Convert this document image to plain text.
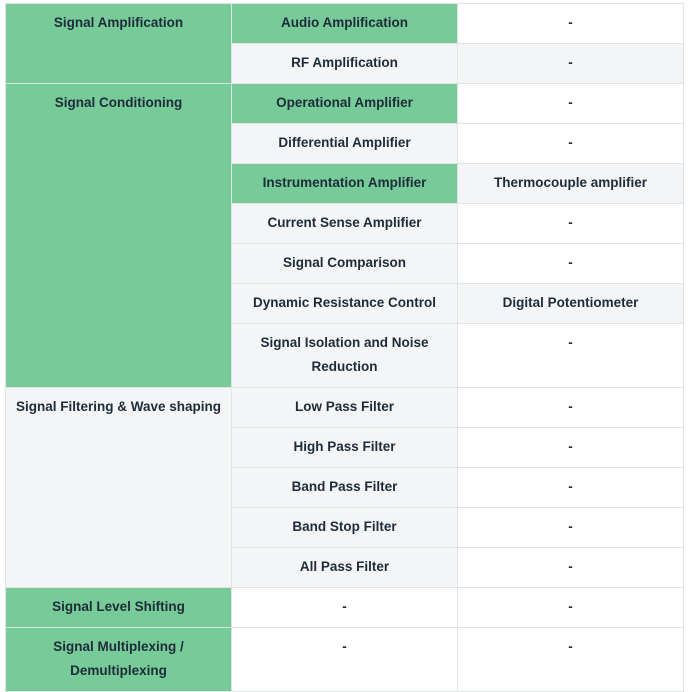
Signal Amplification	Audio Amplification	-
	RF Amplification	-
Signal Conditioning	Operational Amplifier	-
	Differential Amplifier	-
	Instrumentation Amplifier	Thermocouple amplifier
	Current Sense Amplifier	-
	Signal Comparison	-
	Dynamic Resistance Control	Digital Potentiometer
	Signal Isolation and Noise Reduction	-
Signal Filtering & Wave shaping	Low Pass Filter	-
	High Pass Filter	-
	Band Pass Filter	-
	Band Stop Filter	-
	All Pass Filter	-
Signal Level Shifting	-	-
Signal Multiplexing / Demultiplexing	-	-
